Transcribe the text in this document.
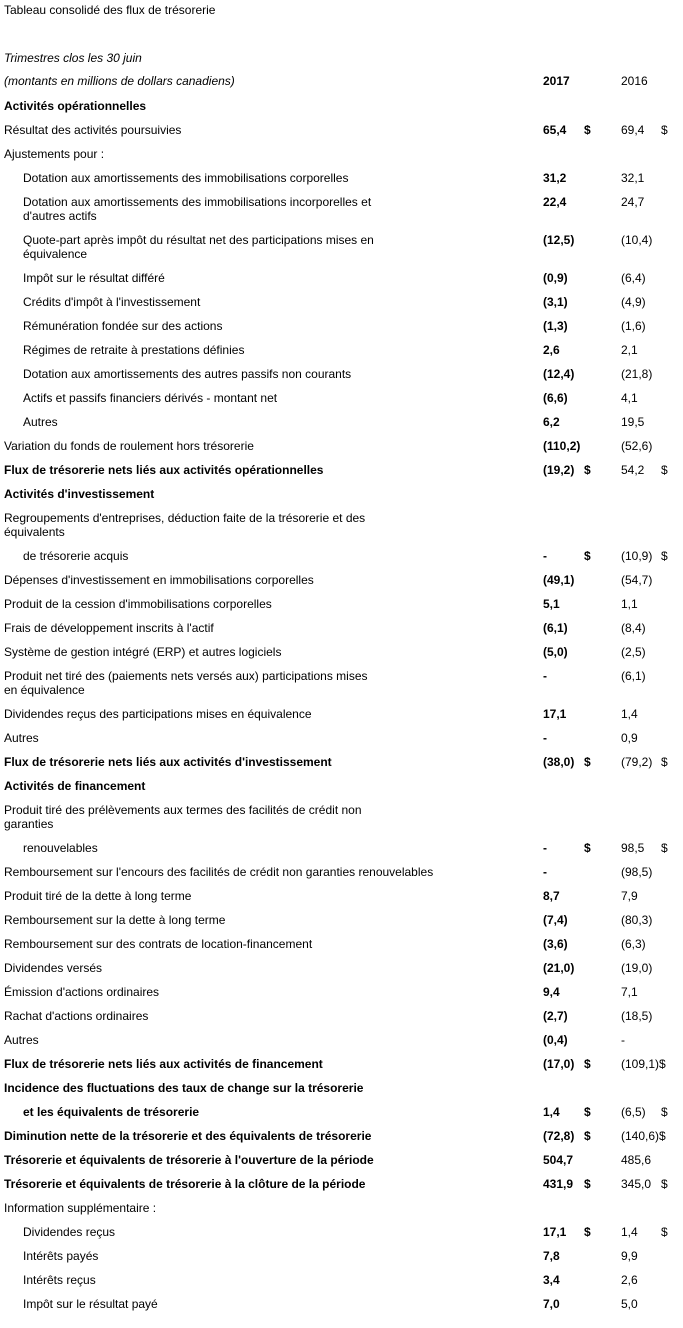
Tableau consolidé des flux de trésorerie
Trimestres clos les 30 juin
(montants en millions de dollars canadiens)	2017	2016
Activités opérationnelles
Résultat des activités poursuivies	65,4 $	69,4 $
Ajustements pour :
Dotation aux amortissements des immobilisations corporelles	31,2	32,1
Dotation aux amortissements des immobilisations incorporelles et d'autres actifs
22,4	24,7
Quote-part après impôt du résultat net des participations mises en équivalence
(12,5)	(10,4)
Impôt sur le résultat différé	(0,9)	(6,4)
Crédits d'impôt à l'investissement	(3,1)	(4,9)
Rémunération fondée sur des actions	(1,3)	(1,6)
Régimes de retraite à prestations définies	2,6	2,1
Dotation aux amortissements des autres passifs non courants	(12,4)	(21,8)
Actifs et passifs financiers dérivés - montant net	(6,6)	4,1
Autres	6,2	19,5
Variation du fonds de roulement hors trésorerie	(110,2)	(52,6)
Flux de trésorerie nets liés aux activités opérationnelles	(19,2) $	54,2 $
Activités d'investissement
Regroupements d'entreprises, déduction faite de la trésorerie et des équivalents
de trésorerie acquis	-	$	(10,9) $
Dépenses d'investissement en immobilisations corporelles	(49,1)	(54,7)
Produit de la cession d'immobilisations corporelles	5,1	1,1
Frais de développement inscrits à l'actif	(6,1)	(8,4)
Système de gestion intégré (ERP) et autres logiciels	(5,0)	(2,5)
Produit net tiré des (paiements nets versés aux) participations mises en équivalence
-	(6,1)
Dividendes reçus des participations mises en équivalence	17,1	1,4
Autres	-	0,9
Flux de trésorerie nets liés aux activités d'investissement	(38,0) $	(79,2) $
Activités de financement
Produit tiré des prélèvements aux termes des facilités de crédit non garanties
renouvelables	-	$	98,5 $
Remboursement sur l'encours des facilités de crédit non garanties renouvelables	-	(98,5)
Produit tiré de la dette à long terme	8,7	7,9
Remboursement sur la dette à long terme	(7,4)	(80,3)
Remboursement sur des contrats de location-financement	(3,6)	(6,3)
Dividendes versés	(21,0)	(19,0)
Émission d'actions ordinaires	9,4	7,1
Rachat d'actions ordinaires	(2,7)	(18,5)
Autres	(0,4)	-
Flux de trésorerie nets liés aux activités de financement	(17,0) $	(109,1)$
Incidence des fluctuations des taux de change sur la trésorerie
et les équivalents de trésorerie	1,4 $	(6,5) $
Diminution nette de la trésorerie et des équivalents de trésorerie	(72,8) $	(140,6)$
Trésorerie et équivalents de trésorerie à l'ouverture de la période	504,7	485,6
Trésorerie et équivalents de trésorerie à la clôture de la période	431,9 $	345,0 $
Information supplémentaire :
Dividendes reçus	17,1 $	1,4 $
Intérêts payés	7,8	9,9
Intérêts reçus	3,4	2,6
Impôt sur le résultat payé	7,0	5,0
